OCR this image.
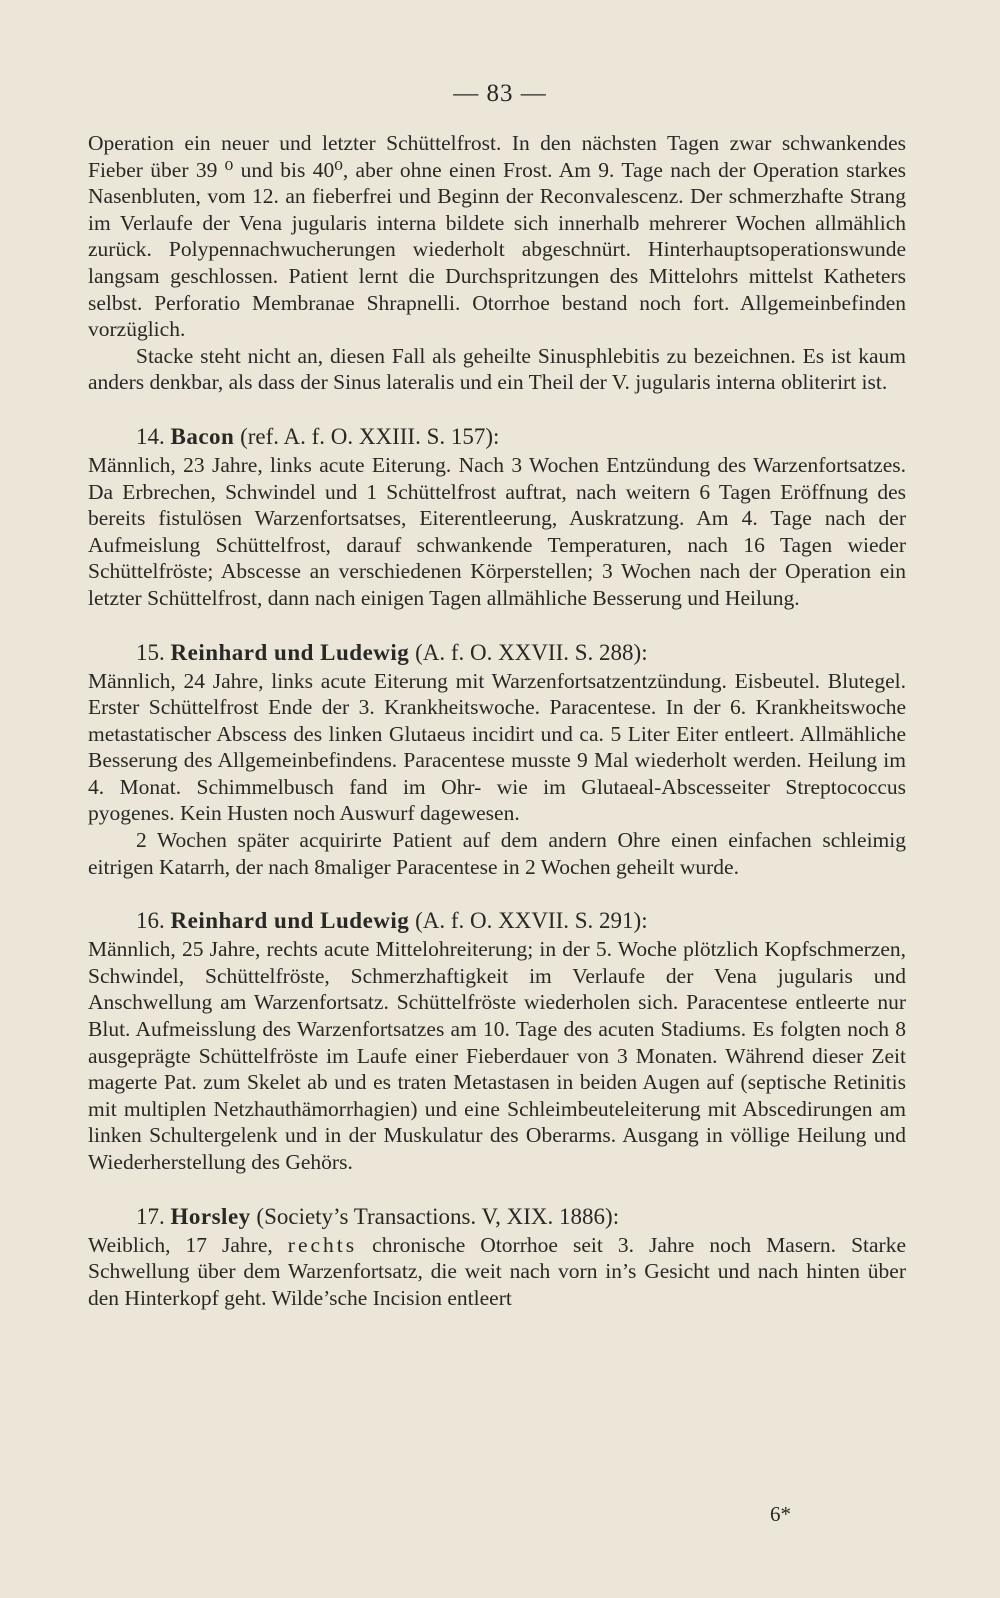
— 83 —

Operation ein neuer und letzter Schüttelfrost. In den nächsten Tagen zwar schwankendes Fieber über 39 ⁰ und bis 40⁰, aber ohne einen Frost. Am 9. Tage nach der Operation starkes Nasenbluten, vom 12. an fieberfrei und Beginn der Reconvalescenz. Der schmerzhafte Strang im Verlaufe der Vena jugularis interna bildete sich innerhalb mehrerer Wochen allmählich zurück. Polypennachwucherungen wiederholt abgeschnürt. Hinterhauptsoperationswunde langsam geschlossen. Patient lernt die Durchspritzungen des Mittelohrs mittelst Katheters selbst. Perforatio Membranae Shrapnelli. Otorrhoe bestand noch fort. Allgemeinbefinden vorzüglich.

Stacke steht nicht an, diesen Fall als geheilte Sinusphlebitis zu bezeichnen. Es ist kaum anders denkbar, als dass der Sinus lateralis und ein Theil der V. jugularis interna obliterirt ist.

14. Bacon (ref. A. f. O. XXIII. S. 157):

Männlich, 23 Jahre, links acute Eiterung. Nach 3 Wochen Entzündung des Warzenfortsatzes. Da Erbrechen, Schwindel und 1 Schüttelfrost auftrat, nach weitern 6 Tagen Eröffnung des bereits fistulösen Warzenfortsatses, Eiterentleerung, Auskratzung. Am 4. Tage nach der Aufmeislung Schüttelfrost, darauf schwankende Temperaturen, nach 16 Tagen wieder Schüttelfröste; Abscesse an verschiedenen Körperstellen; 3 Wochen nach der Operation ein letzter Schüttelfrost, dann nach einigen Tagen allmähliche Besserung und Heilung.

15. Reinhard und Ludewig (A. f. O. XXVII. S. 288):

Männlich, 24 Jahre, links acute Eiterung mit Warzenfortsatzentzündung. Eisbeutel. Blutegel. Erster Schüttelfrost Ende der 3. Krankheitswoche. Paracentese. In der 6. Krankheitswoche metastatischer Abscess des linken Glutaeus incidirt und ca. 5 Liter Eiter entleert. Allmähliche Besserung des Allgemeinbefindens. Paracentese musste 9 Mal wiederholt werden. Heilung im 4. Monat. Schimmelbusch fand im Ohr- wie im Glutaeal-Abscesseiter Streptococcus pyogenes. Kein Husten noch Auswurf dagewesen.

2 Wochen später acquirirte Patient auf dem andern Ohre einen einfachen schleimig eitrigen Katarrh, der nach 8maliger Paracentese in 2 Wochen geheilt wurde.

16. Reinhard und Ludewig (A. f. O. XXVII. S. 291):

Männlich, 25 Jahre, rechts acute Mittelohreiterung; in der 5. Woche plötzlich Kopfschmerzen, Schwindel, Schüttelfröste, Schmerzhaftigkeit im Verlaufe der Vena jugularis und Anschwellung am Warzenfortsatz. Schüttelfröste wiederholen sich. Paracentese entleerte nur Blut. Aufmeisslung des Warzenfortsatzes am 10. Tage des acuten Stadiums. Es folgten noch 8 ausgeprägte Schüttelfröste im Laufe einer Fieberdauer von 3 Monaten. Während dieser Zeit magerte Pat. zum Skelet ab und es traten Metastasen in beiden Augen auf (septische Retinitis mit multiplen Netzhauthämorrhagien) und eine Schleimbeuteleiterung mit Abscedirungen am linken Schultergelenk und in der Muskulatur des Oberarms. Ausgang in völlige Heilung und Wiederherstellung des Gehörs.

17. Horsley (Society’s Transactions. V, XIX. 1886):

Weiblich, 17 Jahre, rechts chronische Otorrhoe seit 3. Jahre noch Masern. Starke Schwellung über dem Warzenfortsatz, die weit nach vorn in’s Gesicht und nach hinten über den Hinterkopf geht. Wilde’sche Incision entleert

6*
